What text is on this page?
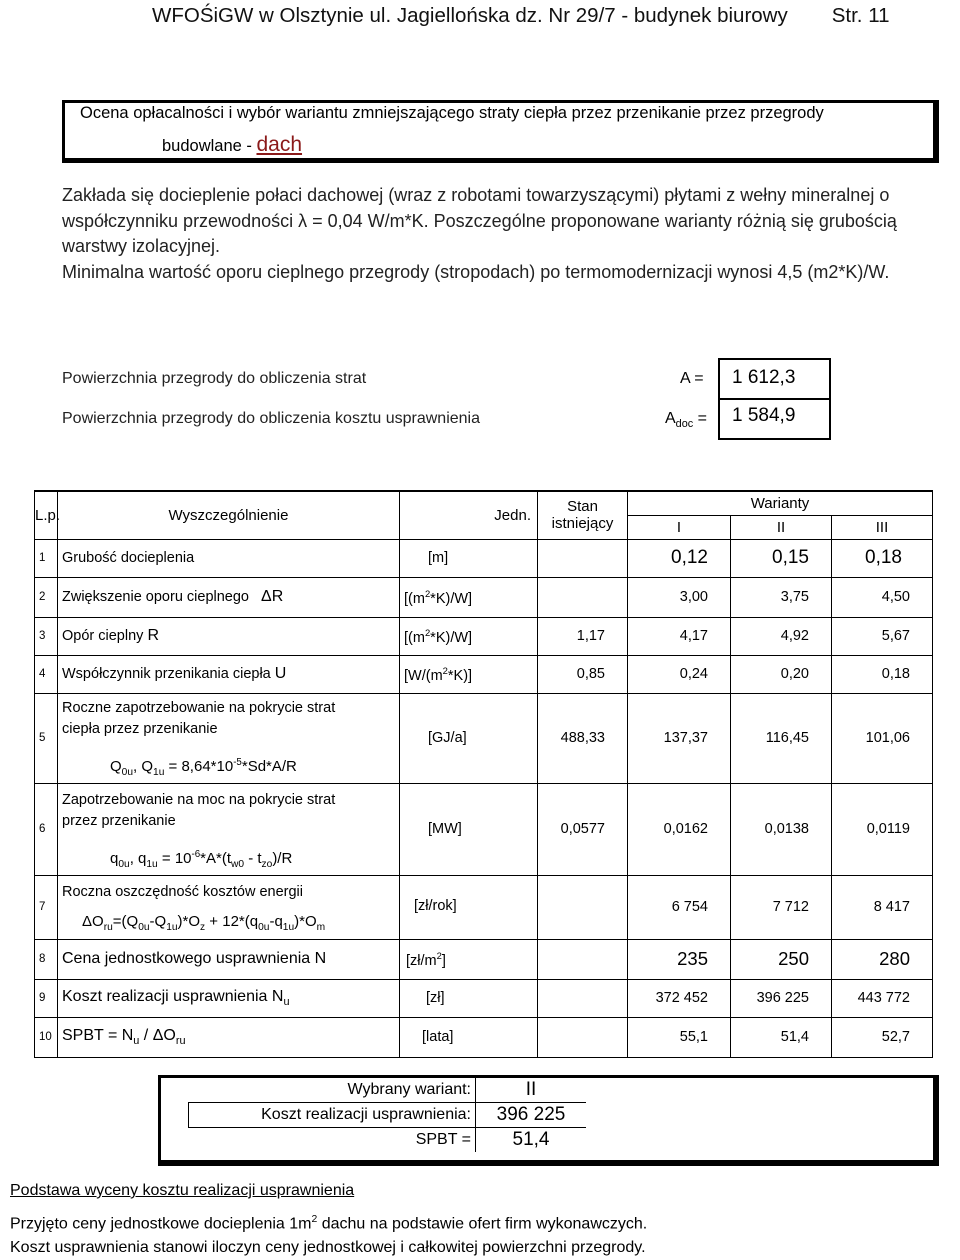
WFOŚiGW w Olsztynie ul. Jagiellońska dz. Nr 29/7 - budynek biurowy Str. 11
Ocena opłacalności i wybór wariantu zmniejszającego straty ciepła przez przenikanie przez przegrody
budowlane - dach

Zakłada się docieplenie połaci dachowej (wraz z robotami towarzyszącymi) płytami z wełny mineralnej o współczynniku przewodności λ = 0,04 W/m*K. Poszczególne proponowane warianty różnią się grubością warstwy izolacyjnej.

Minimalna wartość oporu cieplnego przegrody (stropodach) po termomodernizacji wynosi 4,5 (m2*K)/W.

Powierzchnia przegrody do obliczenia strat	A =	1 612,3
Powierzchnia przegrody do obliczenia kosztu usprawnienia	$A_{doc}$ =	1 584,9
L.p.	Wyszczególnienie	Jedn.	Stan istniejący	Warianty		
				I	II	III
1	Grubość docieplenia	[m]		0,12	0,15	0,18
2	Zwiększenie oporu cieplnego ΔR	$[(m^2*K)/W]$		3,00	3,75	4,50
3	Opór cieplny R	$[(m^2*K)/W]$	1,17	4,17	4,92	5,67
4	Współczynnik przenikania ciepła U	$[W/(m^2*K)]$	0,85	0,24	0,20	0,18
5	Roczne zapotrzebowanie na pokrycie strat ciepła przez przenikanie
$Q_{0u}$, $Q_{1u} = 8,64*10^{-5}*Sd*A/R$	[GJ/a]	488,33	137,37	116,45	101,06
6	Zapotrzebowanie na moc na pokrycie strat przez przenikanie
$q_{0u}$, $q_{1u} = 10^{-6}*A*(t_{w0} - t_{zo})/R$	[MW]	0,0577	0,0162	0,0138	0,0119
7	Roczna oszczędność kosztów energii
$\Delta O_{ru}=(Q_{0u}-Q_{1u})*O_z + 12*(q_{0u}-q_{1u})*O_m$	[zł/rok]		6 754	7 712	8 417
8	Cena jednostkowego usprawnienia N	$[zł/m^2]$		235	250	280
9	Koszt realizacji usprawnienia $N_u$	[zł]		372 452	396 225	443 772
10	SPBT = $N_u / \Delta O_{ru}$	[lata]		55,1	51,4	52,7
Wybrany wariant:	II
Koszt realizacji usprawnienia:	396 225
SPBT =	51,4
Podstawa wyceny kosztu realizacji usprawnienia

Przyjęto ceny jednostkowe docieplenia $1m^2$ dachu na podstawie ofert firm wykonawczych.

Koszt usprawnienia stanowi iloczyn ceny jednostkowej i całkowitej powierzchni przegrody.
